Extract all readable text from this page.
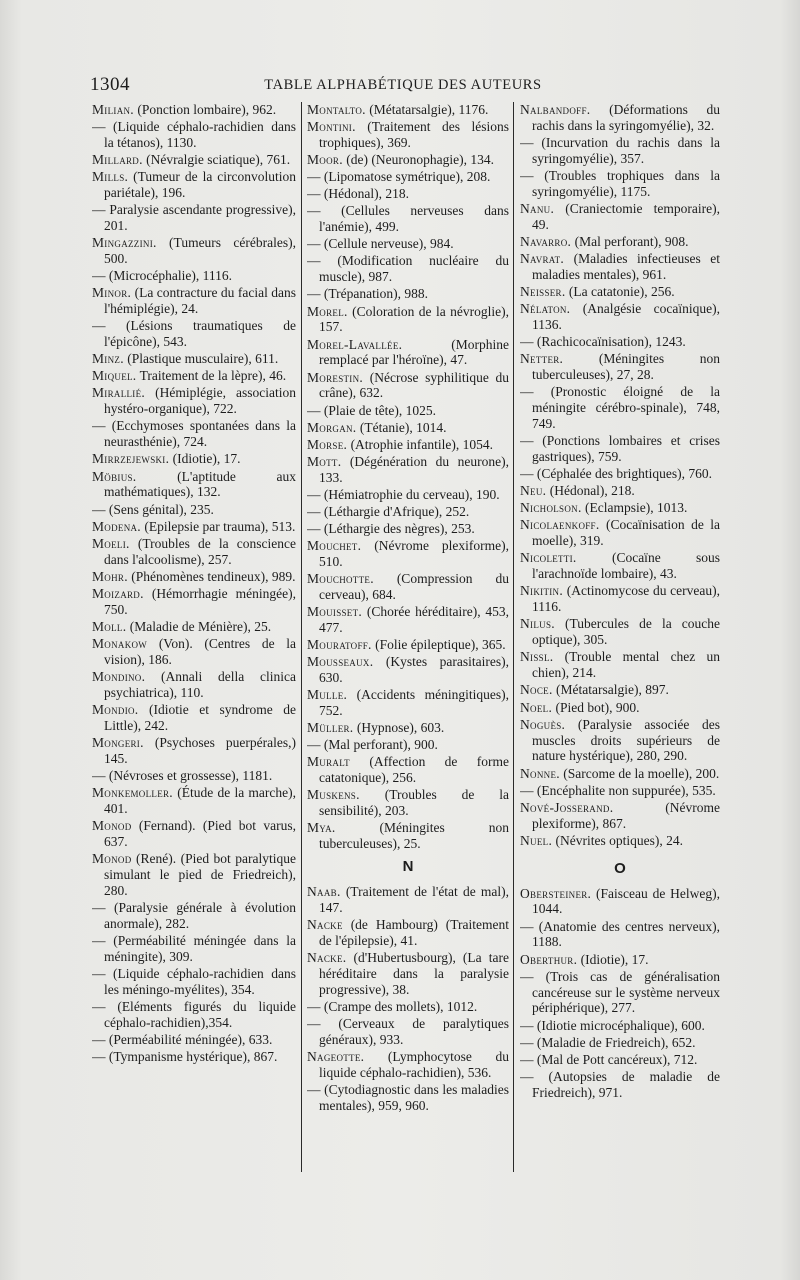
1304	TABLE ALPHABÉTIQUE DES AUTEURS

Milian. (Ponction lombaire), 962.

— (Liquide céphalo-rachidien dans la tétanos), 1130.

Millard. (Névralgie sciatique), 761.

Mills. (Tumeur de la circonvolution pariétale), 196.

— Paralysie ascendante progressive), 201.

Mingazzini. (Tumeurs cérébrales), 500.

— (Microcéphalie), 1116.

Minor. (La contracture du facial dans l'hémiplégie), 24.

— (Lésions traumatiques de l'épicône), 543.

Minz. (Plastique musculaire), 611.

Miquel. Traitement de la lèpre), 46.

Mirallié. (Hémiplégie, association hystéro-organique), 722.

— (Ecchymoses spontanées dans la neurasthénie), 724.

Mirrzejewski. (Idiotie), 17.

Möbius.	(L'aptitude aux mathématiques), 132.

— (Sens génital), 235.

Modena. (Epilepsie par trauma), 513.

Moeli. (Troubles de la conscience dans l'alcoolisme), 257.

Mohr. (Phénomènes tendineux), 989.

Moizard. (Hémorrhagie méningée), 750.

Moll. (Maladie de Ménière), 25.

Monakow (Von). (Centres de la vision), 186.

Mondino. (Annali della clinica psychiatrica), 110.

Mondio. (Idiotie et syndrome de Little), 242.

Mongeri. (Psychoses puerpérales,) 145.

— (Névroses et grossesse), 1181.

Monkemoller. (Étude de la marche), 401.

Monod (Fernand). (Pied bot varus, 637.

Monod (René). (Pied bot paralytique simulant le pied de Friedreich), 280.

— (Paralysie générale à évolution anormale), 282.

— (Perméabilité méningée dans la méningite), 309.

— (Liquide céphalo-rachidien dans les méningo-myélites), 354.

— (Eléments figurés du liquide céphalo-rachidien),354.

— (Perméabilité méningée), 633.

— (Tympanisme hystérique), 867.

Montalto. (Métatarsalgie), 1176.

Montini. (Traitement des lésions trophiques), 369.

Moor. (de) (Neuronophagie), 134.

— (Lipomatose symétrique), 208.

— (Hédonal), 218.

— (Cellules nerveuses dans l'anémie), 499.

— (Cellule nerveuse), 984.

— (Modification nucléaire du muscle), 987.

— (Trépanation), 988.

Morel. (Coloration de la névroglie), 157.

Morel-Lavallée.	(Morphine remplacé par l'héroïne), 47.

Morestin. (Nécrose syphilitique du crâne), 632.

— (Plaie de tête), 1025.

Morgan. (Tétanie), 1014.

Morse. (Atrophie infantile), 1054.

Mott. (Dégénération du neurone), 133.

— (Hémiatrophie du cerveau), 190.

— (Léthargie d'Afrique), 252.

— (Léthargie des nègres), 253.

Mouchet. (Névrome plexiforme), 510.

Mouchotte. (Compression du cerveau), 684.

Mouisset. (Chorée héréditaire), 453, 477.

Mouratoff. (Folie épileptique), 365.

Mousseaux. (Kystes parasitaires), 630.

Mulle. (Accidents méningitiques), 752.

Müller. (Hypnose), 603.

— (Mal perforant), 900.

Muralt (Affection de forme catatonique), 256.

Muskens. (Troubles de la sensibilité), 203.

Mya.	(Méningites non tuberculeuses), 25.

N

Naab. (Traitement de l'état de mal), 147.

Nacke (de Hambourg) (Traitement de l'épilepsie), 41.

Nacke. (d'Hubertusbourg), (La tare héréditaire dans la paralysie progressive), 38.

— (Crampe des mollets), 1012.

— (Cerveaux de paralytiques généraux), 933.

Nageotte. (Lymphocytose du liquide céphalo-rachidien), 536.

— (Cytodiagnostic dans les maladies mentales), 959, 960.

Nalbandoff. (Déformations du rachis dans la syringomyélie), 32.

— (Incurvation du rachis dans la syringomyélie), 357.

— (Troubles trophiques dans la syringomyélie), 1175.

Nanu. (Craniectomie temporaire), 49.

Navarro. (Mal perforant), 908.

Navrat. (Maladies infectieuses et maladies mentales), 961.

Neisser. (La catatonie), 256.

Nélaton. (Analgésie cocaïnique), 1136.

— (Rachicocaïnisation), 1243.

Netter.	(Méningites non tuberculeuses), 27, 28.

— (Pronostic éloigné de la méningite cérébro-spinale), 748, 749.

— (Ponctions lombaires et crises gastriques), 759.

— (Céphalée des brightiques), 760.

Neu. (Hédonal), 218.

Nicholson. (Eclampsie), 1013.

Nicolaenkoff. (Cocaïnisation de la moelle), 319.

Nicoletti.	(Cocaïne sous l'arachnoïde lombaire), 43.

Nikitin. (Actinomycose du cerveau), 1116.

Nilus. (Tubercules de la couche optique), 305.

Nissl. (Trouble mental chez un chien), 214.

Noce. (Métatarsalgie), 897.

Noel. (Pied bot), 900.

Noguès. (Paralysie associée des muscles droits supérieurs de nature hystérique), 280, 290.

Nonne. (Sarcome de la moelle), 200.

— (Encéphalite non suppurée), 535.

Nové-Josserand.	(Névrome plexiforme), 867.

Nuel. (Névrites optiques), 24.

O

Obersteiner. (Faisceau de Helweg), 1044.

— (Anatomie des centres nerveux), 1188.

Oberthur. (Idiotie), 17.

— (Trois cas de généralisation cancéreuse sur le système nerveux périphérique), 277.

— (Idiotie microcéphalique), 600.

— (Maladie de Friedreich), 652.

— (Mal de Pott cancéreux), 712.

— (Autopsies de maladie de Friedreich), 971.
